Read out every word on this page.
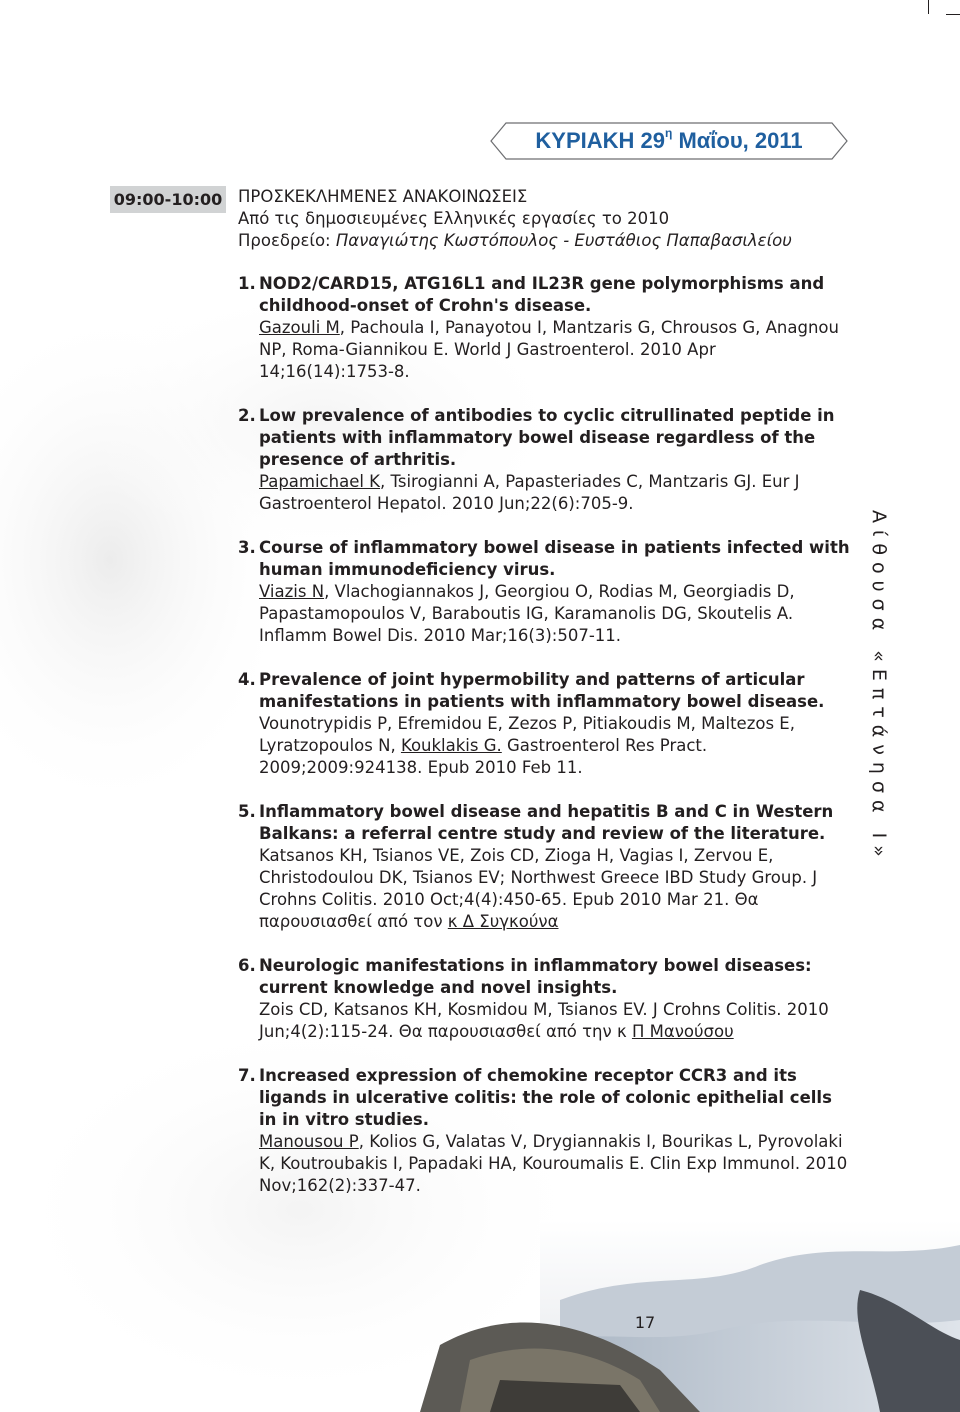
ΚΥΡΙΑΚΗ $29^\eta$ Μαΐου, 2011
09:00-10:00 ΠΡΟΣΚΕΚΛΗΜΕΝΕΣ ΑΝΑΚΟΙΝΩΣΕΙΣ
Από τις δημοσιευμένες Ελληνικές εργασίες το 2010
Προεδρείο: Παναγιώτης Κωστόπουλος - Ευστάθιος Παπαβασιλείου
1. NOD2/CARD15, ATG16L1 and IL23R gene polymorphisms and childhood-onset of Crohn's disease.
Gazouli M, Pachoula I, Panayotou I, Mantzaris G, Chrousos G, Anagnou NP, Roma-Giannikou E. World J Gastroenterol. 2010 Apr 14;16(14):1753-8.
2. Low prevalence of antibodies to cyclic citrullinated peptide in patients with inflammatory bowel disease regardless of the presence of arthritis.
Papamichael K, Tsirogianni A, Papasteriades C, Mantzaris GJ. Eur J Gastroenterol Hepatol. 2010 Jun;22(6):705-9.
3. Course of inflammatory bowel disease in patients infected with human immunodeficiency virus.
Viazis N, Vlachogiannakos J, Georgiou O, Rodias M, Georgiadis D, Papastamopoulos V, Baraboutis IG, Karamanolis DG, Skoutelis A. Inflamm Bowel Dis. 2010 Mar;16(3):507-11.
4. Prevalence of joint hypermobility and patterns of articular manifestations in patients with inflammatory bowel disease.
Vounotrypidis P, Efremidou E, Zezos P, Pitiakoudis M, Maltezos E, Lyratzopoulos N, Kouklakis G. Gastroenterol Res Pract. 2009;2009:924138. Epub 2010 Feb 11.
5. Inflammatory bowel disease and hepatitis B and C in Western Balkans: a referral centre study and review of the literature.
Katsanos KH, Tsianos VE, Zois CD, Zioga H, Vagias I, Zervou E, Christodoulou DK, Tsianos EV; Northwest Greece IBD Study Group. J Crohns Colitis. 2010 Oct;4(4):450-65. Epub 2010 Mar 21. Θα παρουσιασθεί από τον κ Δ Συγκούνα
6. Neurologic manifestations in inflammatory bowel diseases: current knowledge and novel insights.
Zois CD, Katsanos KH, Kosmidou M, Tsianos EV. J Crohns Colitis. 2010 Jun;4(2):115-24. Θα παρουσιασθεί από την κ Π Μανούσου
7. Increased expression of chemokine receptor CCR3 and its ligands in ulcerative colitis: the role of colonic epithelial cells in in vitro studies.
Manousou P, Kolios G, Valatas V, Drygiannakis I, Bourikas L, Pyrovolaki K, Koutroubakis I, Papadaki HA, Kouroumalis E. Clin Exp Immunol. 2010 Nov;162(2):337-47.
Αίθουσα «Επτάνησα Ι»
17
